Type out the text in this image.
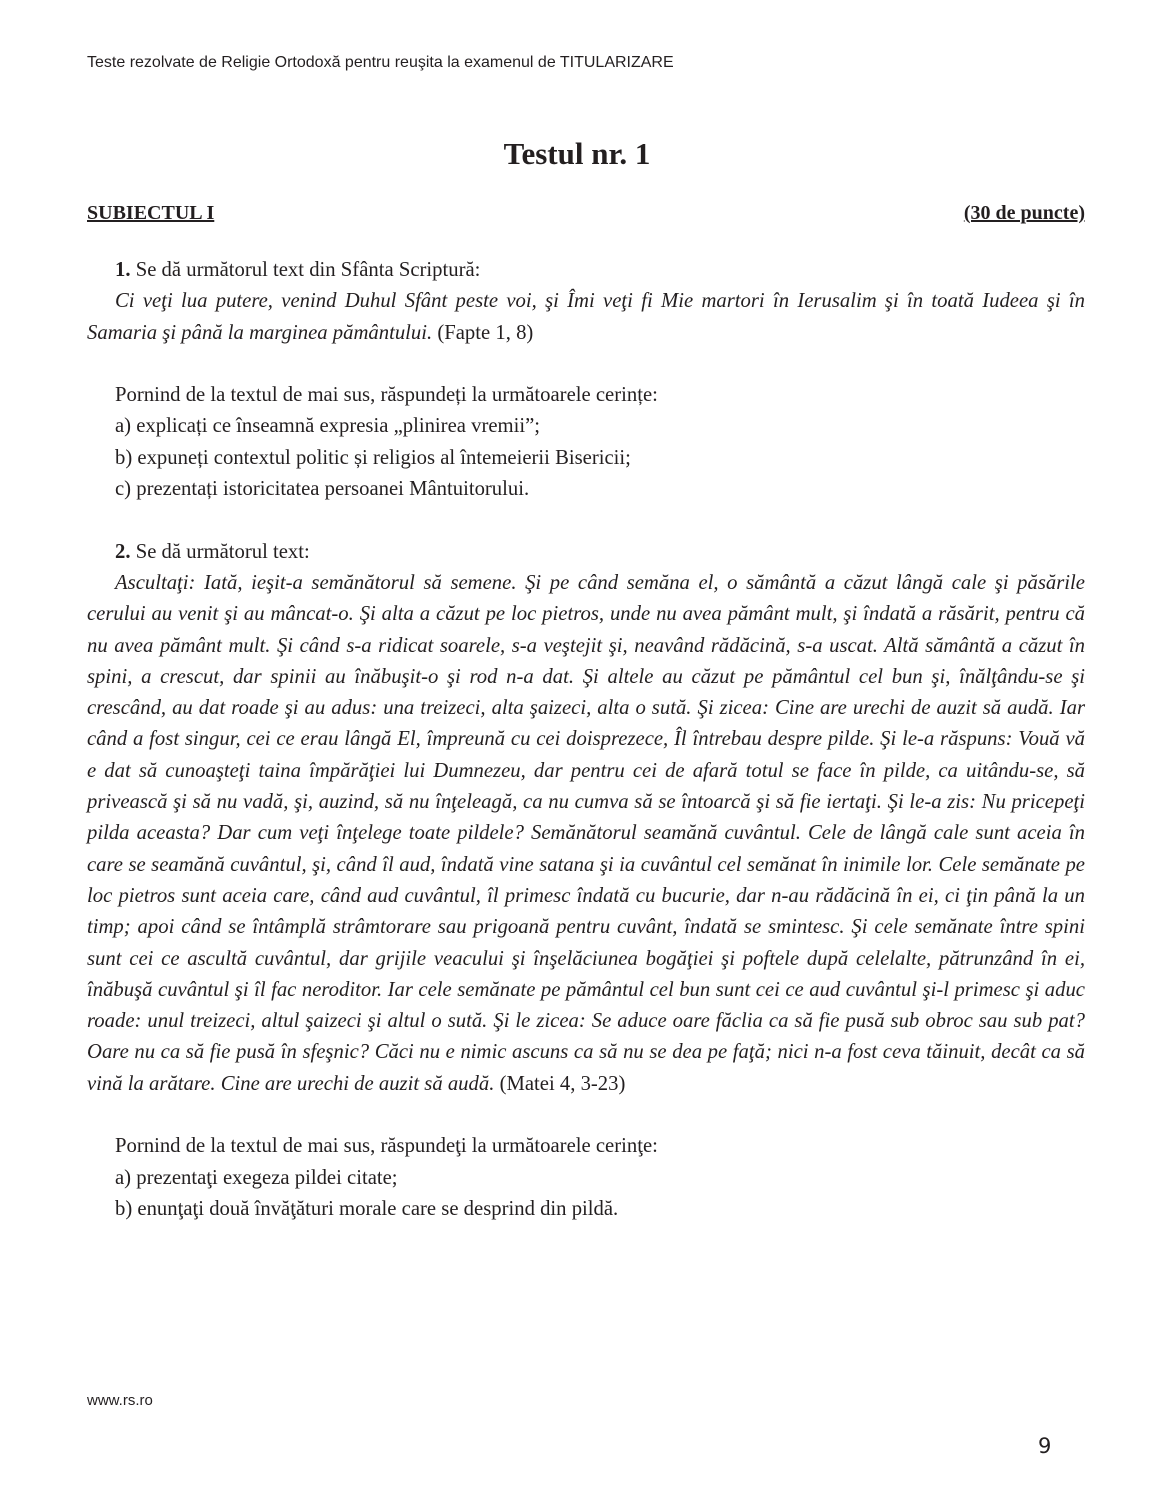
Teste rezolvate de Religie Ortodoxă pentru reuşita la examenul de TITULARIZARE
Testul nr. 1
SUBIECTUL I	(30 de puncte)

1. Se dă următorul text din Sfânta Scriptură:

Ci veţi lua putere, venind Duhul Sfânt peste voi, şi Îmi veţi fi Mie martori în Ierusalim şi în toată Iudeea şi în Samaria şi până la marginea pământului. (Fapte 1, 8)

Pornind de la textul de mai sus, răspundeți la următoarele cerințe:

a) explicați ce înseamnă expresia „plinirea vremii”;

b) expuneți contextul politic și religios al întemeierii Bisericii;

c) prezentați istoricitatea persoanei Mântuitorului.

2. Se dă următorul text:

Ascultaţi: Iată, ieşit-a semănătorul să semene. Şi pe când semăna el, o sământă a căzut lângă cale şi păsările cerului au venit şi au mâncat-o. Şi alta a căzut pe loc pietros, unde nu avea pământ mult, şi îndată a răsărit, pentru că nu avea pământ mult. Şi când s-a ridicat soarele, s-a veştejit şi, neavând rădăcină, s-a uscat. Altă sământă a căzut în spini, a crescut, dar spinii au înăbuşit-o şi rod n-a dat. Şi altele au căzut pe pământul cel bun şi, înălţându-se şi crescând, au dat roade şi au adus: una treizeci, alta şaizeci, alta o sută. Şi zicea: Cine are urechi de auzit să audă. Iar când a fost singur, cei ce erau lângă El, împreună cu cei doisprezece, Îl întrebau despre pilde. Şi le-a răspuns: Vouă vă e dat să cunoaşteţi taina împărăţiei lui Dumnezeu, dar pentru cei de afară totul se face în pilde, ca uitându-se, să privească şi să nu vadă, şi, auzind, să nu înţeleagă, ca nu cumva să se întoarcă şi să fie iertaţi. Şi le-a zis: Nu pricepeţi pilda aceasta? Dar cum veţi înţelege toate pildele? Semănătorul seamănă cuvântul. Cele de lângă cale sunt aceia în care se seamănă cuvântul, şi, când îl aud, îndată vine satana şi ia cuvântul cel semănat în inimile lor. Cele semănate pe loc pietros sunt aceia care, când aud cuvântul, îl primesc îndată cu bucurie, dar n-au rădăcină în ei, ci ţin până la un timp; apoi când se întâmplă strâmtorare sau prigoană pentru cuvânt, îndată se smintesc. Şi cele semănate între spini sunt cei ce ascultă cuvântul, dar grijile veacului şi înşelăciunea bogăţiei şi poftele după celelalte, pătrunzând în ei, înăbuşă cuvântul şi îl fac neroditor. Iar cele semănate pe pământul cel bun sunt cei ce aud cuvântul şi-l primesc şi aduc roade: unul treizeci, altul şaizeci şi altul o sută. Şi le zicea: Se aduce oare făclia ca să fie pusă sub obroc sau sub pat? Oare nu ca să fie pusă în sfeşnic? Căci nu e nimic ascuns ca să nu se dea pe faţă; nici n-a fost ceva tăinuit, decât ca să vină la arătare. Cine are urechi de auzit să audă. (Matei 4, 3-23)

Pornind de la textul de mai sus, răspundeţi la următoarele cerinţe:

a) prezentaţi exegeza pildei citate;

b) enunţaţi două învăţături morale care se desprind din pildă.

www.rs.ro
9
